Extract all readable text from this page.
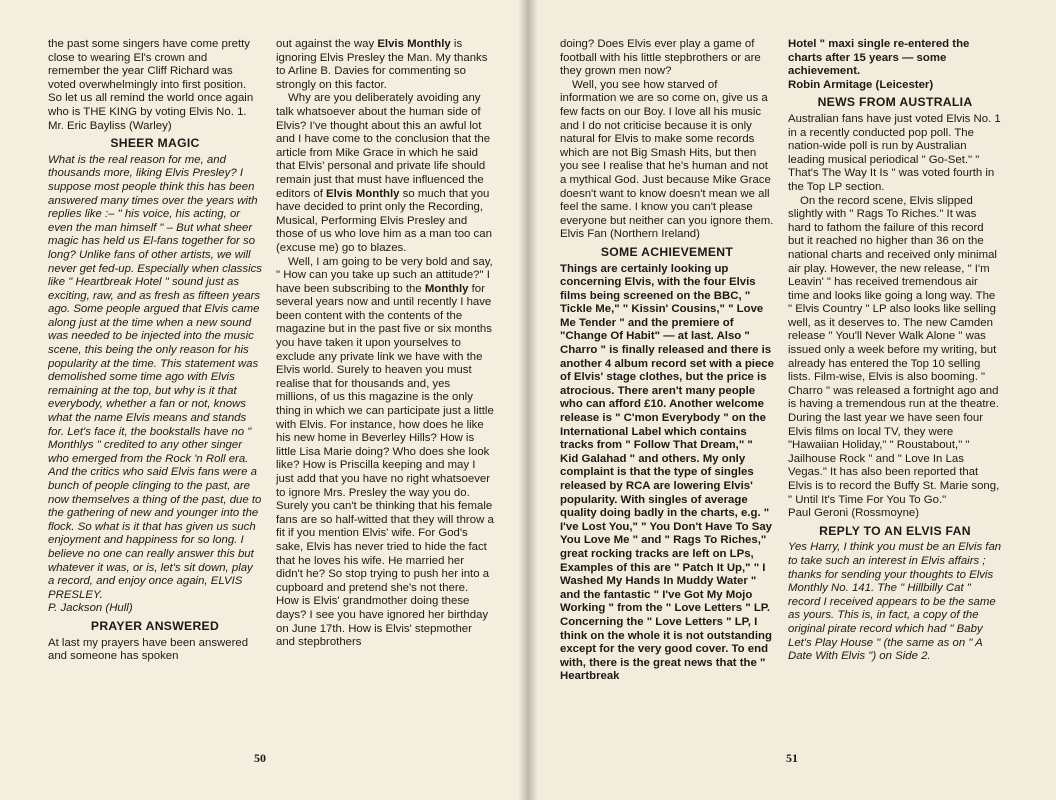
the past some singers have come pretty close to wearing El's crown and remember the year Cliff Richard was voted overwhelmingly into first position. So let us all remind the world once again who is THE KING by voting Elvis No. 1.

Mr. Eric Bayliss (Warley)

SHEER MAGIC

What is the real reason for me, and thousands more, liking Elvis Presley? I suppose most people think this has been answered many times over the years with replies like :– " his voice, his acting, or even the man himself " – But what sheer magic has held us El-fans together for so long? Unlike fans of other artists, we will never get fed-up. Especially when classics like " Heartbreak Hotel " sound just as exciting, raw, and as fresh as fifteen years ago. Some people argued that Elvis came along just at the time when a new sound was needed to be injected into the music scene, this being the only reason for his popularity at the time. This statement was demolished some time ago with Elvis remaining at the top, but why is it that everybody, whether a fan or not, knows what the name Elvis means and stands for. Let's face it, the bookstalls have no " Monthlys " credited to any other singer who emerged from the Rock 'n Roll era. And the critics who said Elvis fans were a bunch of people clinging to the past, are now themselves a thing of the past, due to the gathering of new and younger into the flock. So what is it that has given us such enjoyment and happiness for so long. I believe no one can really answer this but whatever it was, or is, let's sit down, play a record, and enjoy once again, ELVIS PRESLEY.

P. Jackson (Hull)

PRAYER ANSWERED

At last my prayers have been answered and someone has spoken

out against the way Elvis Monthly is ignoring Elvis Presley the Man. My thanks to Arline B. Davies for commenting so strongly on this factor.

Why are you deliberately avoiding any talk whatsoever about the human side of Elvis? I've thought about this an awful lot and I have come to the conclusion that the article from Mike Grace in which he said that Elvis' personal and private life should remain just that must have influenced the editors of Elvis Monthly so much that you have decided to print only the Recording, Musical, Performing Elvis Presley and those of us who love him as a man too can (excuse me) go to blazes.

Well, I am going to be very bold and say, " How can you take up such an attitude?" I have been subscribing to the Monthly for several years now and until recently I have been content with the contents of the magazine but in the past five or six months you have taken it upon yourselves to exclude any private link we have with the Elvis world. Surely to heaven you must realise that for thousands and, yes millions, of us this magazine is the only thing in which we can participate just a little with Elvis. For instance, how does he like his new home in Beverley Hills? How is little Lisa Marie doing? Who does she look like? How is Priscilla keeping and may I just add that you have no right whatsoever to ignore Mrs. Presley the way you do. Surely you can't be thinking that his female fans are so half-witted that they will throw a fit if you mention Elvis' wife. For God's sake, Elvis has never tried to hide the fact that he loves his wife. He married her didn't he? So stop trying to push her into a cupboard and pretend she's not there. How is Elvis' grandmother doing these days? I see you have ignored her birthday on June 17th. How is Elvis' stepmother and stepbrothers

50

doing? Does Elvis ever play a game of football with his little stepbrothers or are they grown men now?

Well, you see how starved of information we are so come on, give us a few facts on our Boy. I love all his music and I do not criticise because it is only natural for Elvis to make some records which are not Big Smash Hits, but then you see I realise that he's human and not a mythical God. Just because Mike Grace doesn't want to know doesn't mean we all feel the same. I know you can't please everyone but neither can you ignore them.

Elvis Fan (Northern Ireland)

SOME ACHIEVEMENT

Things are certainly looking up concerning Elvis, with the four Elvis films being screened on the BBC, " Tickle Me," " Kissin' Cousins," " Love Me Tender " and the premiere of "Change Of Habit" — at last. Also " Charro " is finally released and there is another 4 album record set with a piece of Elvis' stage clothes, but the price is atrocious. There aren't many people who can afford £10. Another welcome release is " C'mon Everybody " on the International Label which contains tracks from " Follow That Dream," " Kid Galahad " and others. My only complaint is that the type of singles released by RCA are lowering Elvis' popularity. With singles of average quality doing badly in the charts, e.g. " I've Lost You," " You Don't Have To Say You Love Me " and " Rags To Riches," great rocking tracks are left on LPs, Examples of this are " Patch It Up," " I Washed My Hands In Muddy Water " and the fantastic " I've Got My Mojo Working " from the " Love Letters " LP. Concerning the " Love Letters " LP, I think on the whole it is not outstanding except for the very good cover. To end with, there is the great news that the " Heartbreak

Hotel " maxi single re-entered the charts after 15 years — some achievement.

Robin Armitage (Leicester)

NEWS FROM AUSTRALIA

Australian fans have just voted Elvis No. 1 in a recently conducted pop poll. The nation-wide poll is run by Australian leading musical periodical " Go-Set." " That's The Way It Is " was voted fourth in the Top LP section.

On the record scene, Elvis slipped slightly with " Rags To Riches." It was hard to fathom the failure of this record but it reached no higher than 36 on the national charts and received only minimal air play. However, the new release, " I'm Leavin' " has received tremendous air time and looks like going a long way. The " Elvis Country " LP also looks like selling well, as it deserves to. The new Camden release " You'll Never Walk Alone " was issued only a week before my writing, but already has entered the Top 10 selling lists. Film-wise, Elvis is also booming. " Charro " was released a fortnight ago and is having a tremendous run at the theatre. During the last year we have seen four Elvis films on local TV, they were "Hawaiian Holiday," " Roustabout," " Jailhouse Rock " and " Love In Las Vegas." It has also been reported that Elvis is to record the Buffy St. Marie song, " Until It's Time For You To Go."

Paul Geroni (Rossmoyne)

REPLY TO AN ELVIS FAN

Yes Harry, I think you must be an Elvis fan to take such an interest in Elvis affairs ; thanks for sending your thoughts to Elvis Monthly No. 141. The " Hillbilly Cat " record I received appears to be the same as yours. This is, in fact, a copy of the original pirate record which had " Baby Let's Play House " (the same as on " A Date With Elvis ") on Side 2.

51
